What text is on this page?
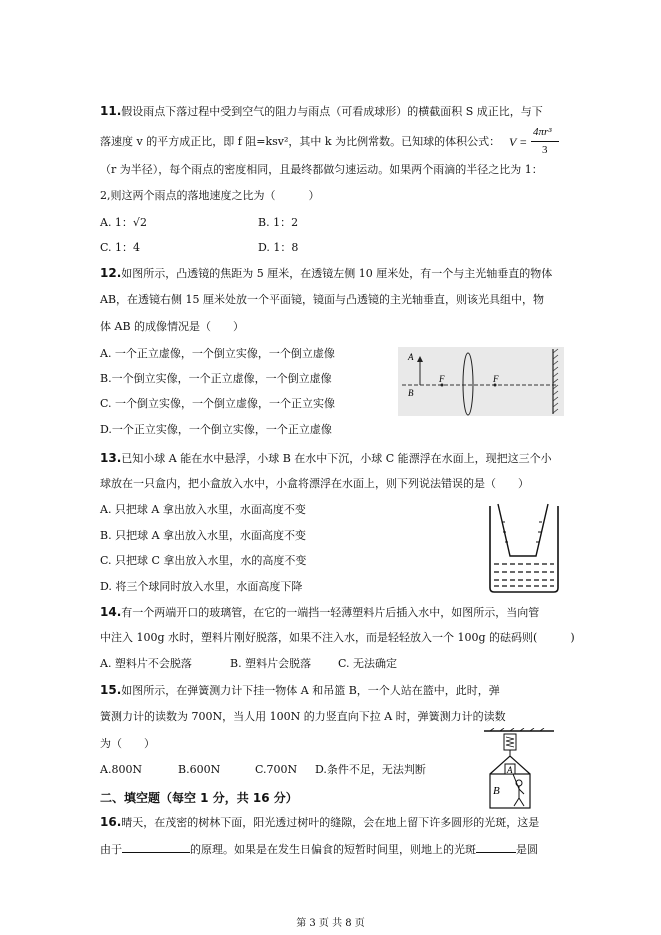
11.假设雨点下落过程中受到空气的阻力与雨点（可看成球形）的横截面积 S 成正比，与下
落速度 v 的平方成正比，即 f 阻=ksv²，其中 k 为比例常数。已知球的体积公式： V =
4πr³
3
（r 为半径），每个雨点的密度相同，且最终都做匀速运动。如果两个雨滴的半径之比为 1：
2,则这两个雨点的落地速度之比为（　　　）
A. 1：√2	B. 1：2
C. 1：4	D. 1：8
12.如图所示，凸透镜的焦距为 5 厘米，在透镜左侧 10 厘米处，有一个与主光轴垂直的物体
AB，在透镜右侧 15 厘米处放一个平面镜，镜面与凸透镜的主光轴垂直，则该光具组中，物
体 AB 的成像情况是（　　）
A. 一个正立虚像，一个倒立实像，一个倒立虚像
B.一个倒立实像，一个正立虚像，一个倒立虚像
C. 一个倒立实像，一个倒立虚像，一个正立实像
D.一个正立实像，一个倒立实像，一个正立虚像
A
B
F	F
13.已知小球 A 能在水中悬浮，小球 B 在水中下沉，小球 C 能漂浮在水面上，现把这三个小
球放在一只盒内，把小盒放入水中，小盒将漂浮在水面上，则下列说法错误的是（　　）
A. 只把球 A 拿出放入水里，水面高度不变
B. 只把球 A 拿出放入水里，水面高度不变
C. 只把球 C 拿出放入水里，水的高度不变
D. 将三个球同时放入水里，水面高度下降
14.有一个两端开口的玻璃管，在它的一端挡一轻薄塑料片后插入水中，如图所示，当向管
中注入 100g 水时，塑料片刚好脱落，如果不注入水，而是轻轻放入一个 100g 的砝码则(　　　)
A. 塑料片不会脱落	B. 塑料片会脱落 C. 无法确定
15.如图所示，在弹簧测力计下挂一物体 A 和吊篮 B，一个人站在篮中，此时，弹
簧测力计的读数为 700N，当人用 100N 的力竖直向下拉 A 时，弹簧测力计的读数
为（　　）
A.800N	B.600N	C.700N D.条件不足，无法判断	A
B
二、填空题（每空 1 分，共 16 分）
16.晴天，在茂密的树林下面，阳光透过树叶的缝隙，会在地上留下许多圆形的光斑，这是
由于	的原理。如果是在发生日偏食的短暂时间里，则地上的光斑	是圆
第 3 页 共 8 页
